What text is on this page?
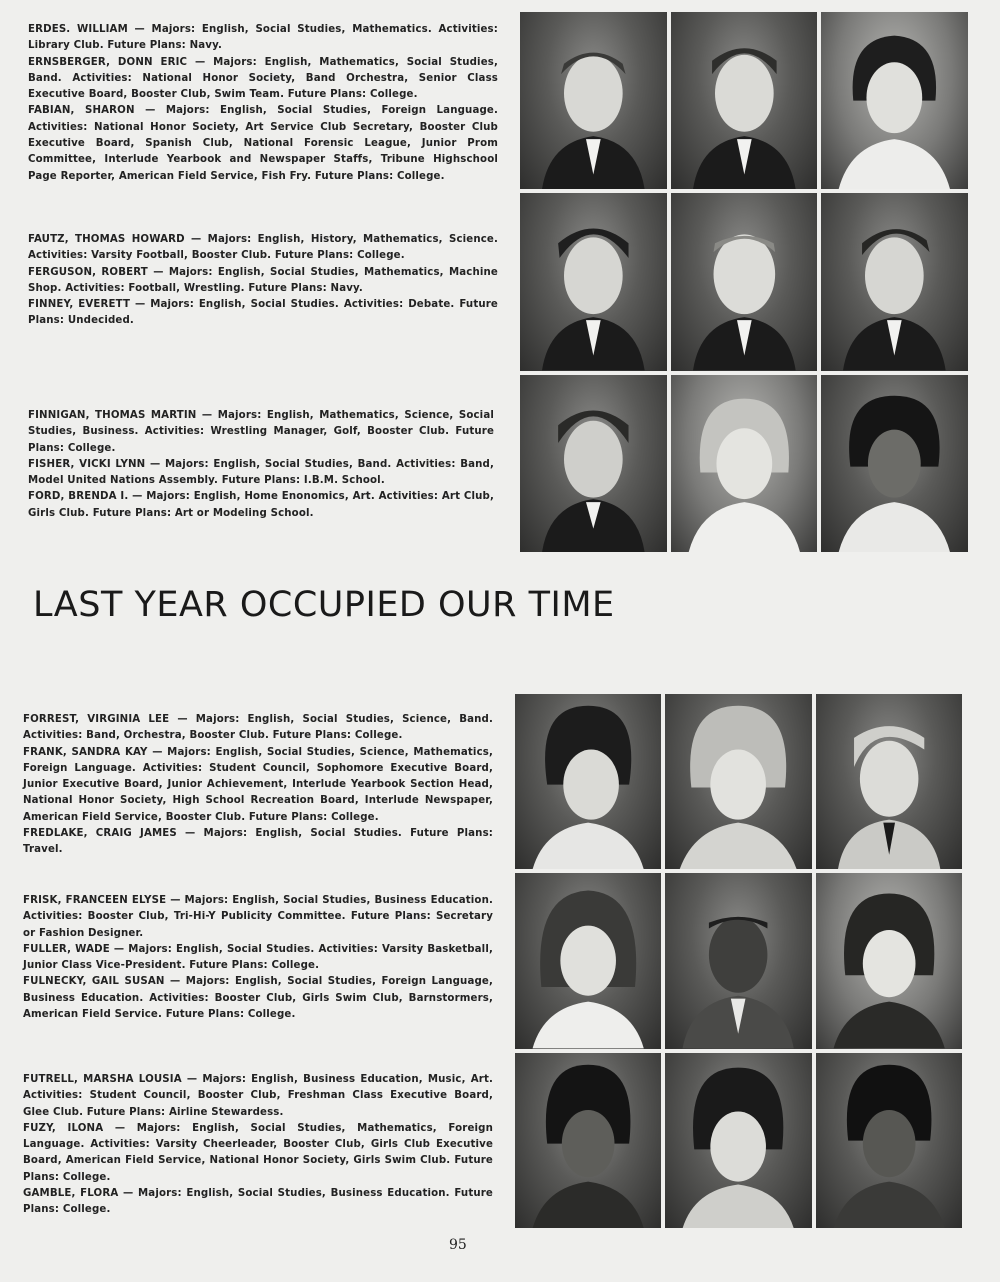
ERDES. WILLIAM — Majors: English, Social Studies, Mathematics. Activities: Library Club. Future Plans: Navy.
ERNSBERGER, DONN ERIC — Majors: English, Mathematics, Social Studies, Band. Activities: National Honor Society, Band Orchestra, Senior Class Executive Board, Booster Club, Swim Team. Future Plans: College.
FABIAN, SHARON — Majors: English, Social Studies, Foreign Language. Activities: National Honor Society, Art Service Club Secretary, Booster Club Executive Board, Spanish Club, National Forensic League, Junior Prom Committee, Interlude Yearbook and Newspaper Staffs, Tribune Highschool Page Reporter, American Field Service, Fish Fry. Future Plans: College.
FAUTZ, THOMAS HOWARD — Majors: English, History, Mathematics, Science. Activities: Varsity Football, Booster Club. Future Plans: College.
FERGUSON, ROBERT — Majors: English, Social Studies, Mathematics, Machine Shop. Activities: Football, Wrestling. Future Plans: Navy.
FINNEY, EVERETT — Majors: English, Social Studies. Activities: Debate. Future Plans: Undecided.
FINNIGAN, THOMAS MARTIN — Majors: English, Mathematics, Science, Social Studies, Business. Activities: Wrestling Manager, Golf, Booster Club. Future Plans: College.
FISHER, VICKI LYNN — Majors: English, Social Studies, Band. Activities: Band, Model United Nations Assembly. Future Plans: I.B.M. School.
FORD, BRENDA I. — Majors: English, Home Enonomics, Art. Activities: Art Club, Girls Club. Future Plans: Art or Modeling School.
LAST YEAR OCCUPIED OUR TIME
FORREST, VIRGINIA LEE — Majors: English, Social Studies, Science, Band. Activities: Band, Orchestra, Booster Club. Future Plans: College.
FRANK, SANDRA KAY — Majors: English, Social Studies, Science, Mathematics, Foreign Language. Activities: Student Council, Sophomore Executive Board, Junior Executive Board, Junior Achievement, Interlude Yearbook Section Head, National Honor Society, High School Recreation Board, Interlude Newspaper, American Field Service, Booster Club. Future Plans: College.
FREDLAKE, CRAIG JAMES — Majors: English, Social Studies. Future Plans: Travel.
FRISK, FRANCEEN ELYSE — Majors: English, Social Studies, Business Education. Activities: Booster Club, Tri-Hi-Y Publicity Committee. Future Plans: Secretary or Fashion Designer.
FULLER, WADE — Majors: English, Social Studies. Activities: Varsity Basketball, Junior Class Vice-President. Future Plans: College.
FULNECKY, GAIL SUSAN — Majors: English, Social Studies, Foreign Language, Business Education. Activities: Booster Club, Girls Swim Club, Barnstormers, American Field Service. Future Plans: College.
FUTRELL, MARSHA LOUSIA — Majors: English, Business Education, Music, Art. Activities: Student Council, Booster Club, Freshman Class Executive Board, Glee Club. Future Plans: Airline Stewardess.
FUZY, ILONA — Majors: English, Social Studies, Mathematics, Foreign Language. Activities: Varsity Cheerleader, Booster Club, Girls Club Executive Board, American Field Service, National Honor Society, Girls Swim Club. Future Plans: College.
GAMBLE, FLORA — Majors: English, Social Studies, Business Education. Future Plans: College.
95
